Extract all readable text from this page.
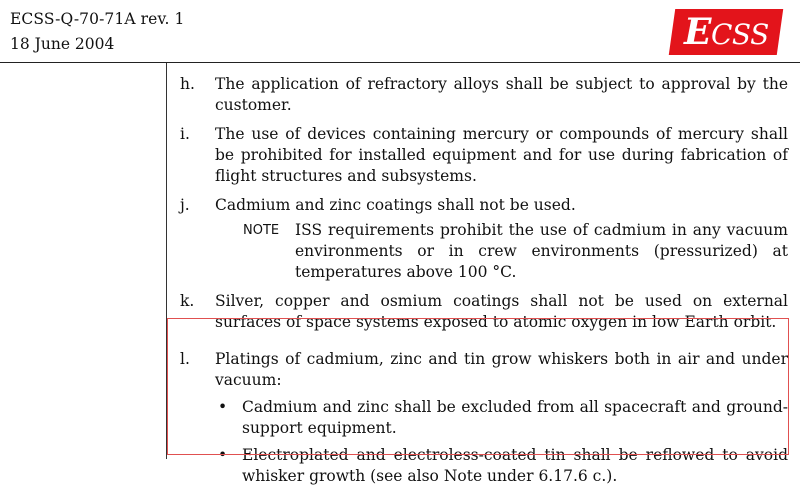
ECSS-Q-70-71A rev. 1
18 June 2004	ECSS
h. The application of refractory alloys shall be subject to approval by the customer.
i. The use of devices containing mercury or compounds of mercury shall be prohibited for installed equipment and for use during fabrication of flight structures and subsystems.
j. Cadmium and zinc coatings shall not be used.
NOTE ISS requirements prohibit the use of cadmium in any vacuum environments or in crew environments (pressurized) at temperatures above 100 °C.
k. Silver, copper and osmium coatings shall not be used on external surfaces of space systems exposed to atomic oxygen in low Earth orbit.
l. Platings of cadmium, zinc and tin grow whiskers both in air and under vacuum:
• Cadmium and zinc shall be excluded from all spacecraft and ground-support equipment.
• Electroplated and electroless-coated tin shall be reflowed to avoid whisker growth (see also Note under 6.17.6 c.).
